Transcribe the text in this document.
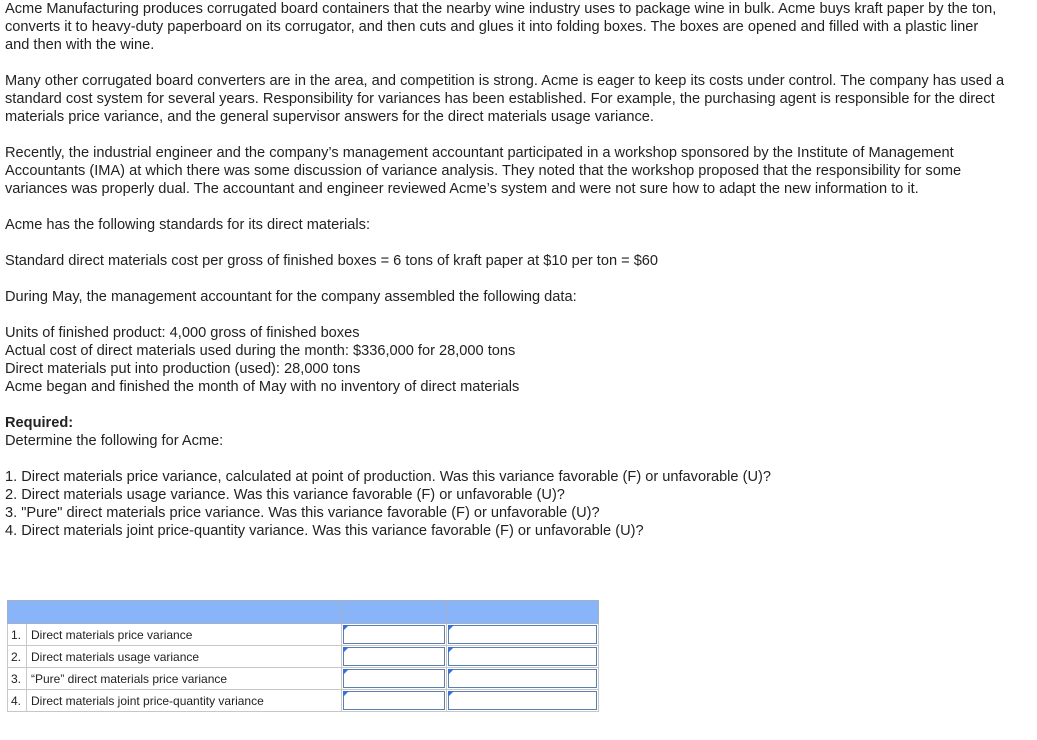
Acme Manufacturing produces corrugated board containers that the nearby wine industry uses to package wine in bulk. Acme buys kraft paper by the ton, converts it to heavy-duty paperboard on its corrugator, and then cuts and glues it into folding boxes. The boxes are opened and filled with a plastic liner and then with the wine.

Many other corrugated board converters are in the area, and competition is strong. Acme is eager to keep its costs under control. The company has used a standard cost system for several years. Responsibility for variances has been established. For example, the purchasing agent is responsible for the direct materials price variance, and the general supervisor answers for the direct materials usage variance.

Recently, the industrial engineer and the company’s management accountant participated in a workshop sponsored by the Institute of Management Accountants (IMA) at which there was some discussion of variance analysis. They noted that the workshop proposed that the responsibility for some variances was properly dual. The accountant and engineer reviewed Acme’s system and were not sure how to adapt the new information to it.

Acme has the following standards for its direct materials:

Standard direct materials cost per gross of finished boxes = 6 tons of kraft paper at $10 per ton = $60

During May, the management accountant for the company assembled the following data:

Units of finished product: 4,000 gross of finished boxes

Actual cost of direct materials used during the month: $336,000 for 28,000 tons

Direct materials put into production (used): 28,000 tons

Acme began and finished the month of May with no inventory of direct materials

Required:

Determine the following for Acme:

1. Direct materials price variance, calculated at point of production. Was this variance favorable (F) or unfavorable (U)?

2. Direct materials usage variance. Was this variance favorable (F) or unfavorable (U)?

3. "Pure" direct materials price variance. Was this variance favorable (F) or unfavorable (U)?

4. Direct materials joint price-quantity variance. Was this variance favorable (F) or unfavorable (U)?

1.	Direct materials price variance	

2.	Direct materials usage variance	

3.	“Pure” direct materials price variance	

4.	Direct materials joint price-quantity variance	
